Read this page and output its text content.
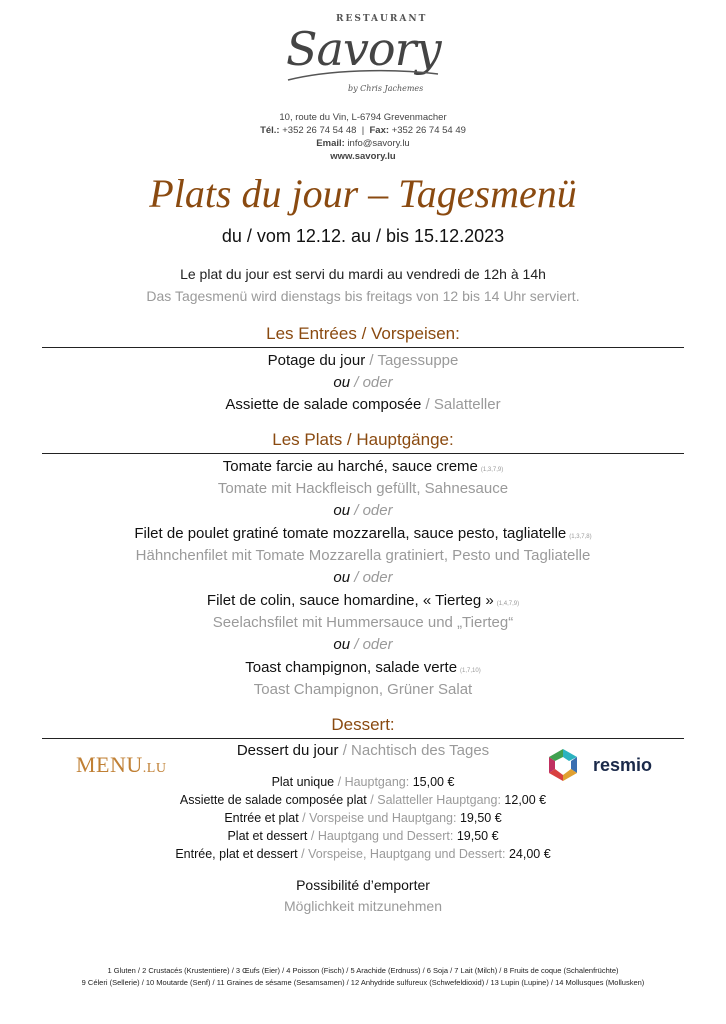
RESTAURANT
Savory
by Chris Jachemes
10, route du Vin, L-6794 Grevenmacher
Tél.: +352 26 74 54 48 | Fax: +352 26 74 54 49
Email: info@savory.lu
www.savory.lu
Plats du jour – Tagesmenü
du / vom 12.12. au / bis 15.12.2023
Le plat du jour est servi du mardi au vendredi de 12h à 14h
Das Tagesmenü wird dienstags bis freitags von 12 bis 14 Uhr serviert.
Les Entrées / Vorspeisen:
Potage du jour / Tagessuppe
ou / oder
Assiette de salade composée / Salatteller
Les Plats / Hauptgänge:
Tomate farcie au harché, sauce creme (1,3,7,9)
Tomate mit Hackfleisch gefüllt, Sahnesauce
ou / oder
Filet de poulet gratiné tomate mozzarella, sauce pesto, tagliatelle (1,3,7,8)
Hähnchenfilet mit Tomate Mozzarella gratiniert, Pesto und Tagliatelle
ou / oder
Filet de colin, sauce homardine, « Tierteg » (1,4,7,9)
Seelachsfilet mit Hummersauce und „Tierteg“
ou / oder
Toast champignon, salade verte (1,7,10)
Toast Champignon, Grüner Salat
Dessert:
Dessert du jour / Nachtisch des Tages
MENU.LU	resmio
Plat unique / Hauptgang: 15,00 €
Assiette de salade composée plat / Salatteller Hauptgang: 12,00 €
Entrée et plat / Vorspeise und Hauptgang: 19,50 €
Plat et dessert / Hauptgang und Dessert: 19,50 €
Entrée, plat et dessert / Vorspeise, Hauptgang und Dessert: 24,00 €
Possibilité d’emporter
Möglichkeit mitzunehmen
1 Gluten / 2 Crustacés (Krustentiere) / 3 Œufs (Eier) / 4 Poisson (Fisch) / 5 Arachide (Erdnuss) / 6 Soja / 7 Lait (Milch) / 8 Fruits de coque (Schalenfrüchte)
9 Céleri (Sellerie) / 10 Moutarde (Senf) / 11 Graines de sésame (Sesamsamen) / 12 Anhydride sulfureux (Schwefeldioxid) / 13 Lupin (Lupine) / 14 Mollusques (Mollusken)
